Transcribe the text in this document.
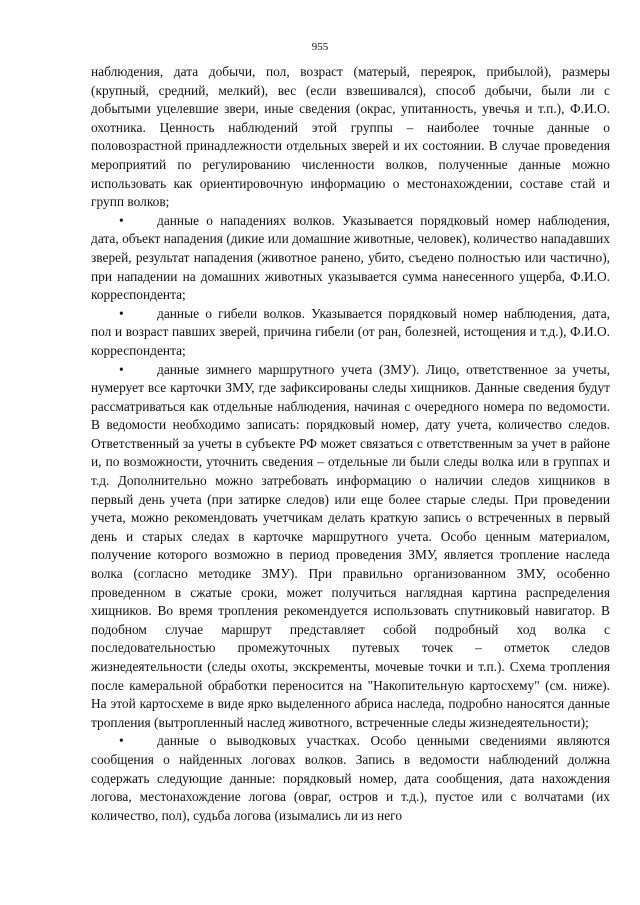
955

наблюдения, дата добычи, пол, возраст (матерый, переярок, прибылой), размеры (крупный, средний, мелкий), вес (если взвешивался), способ добычи, были ли с добытыми уцелевшие звери, иные сведения (окрас, упитанность, увечья и т.п.), Ф.И.О. охотника. Ценность наблюдений этой группы – наиболее точные данные о половозрастной принадлежности отдельных зверей и их состоянии. В случае проведения мероприятий по регулированию численности волков, полученные данные можно использовать как ориентировочную информацию о местонахождении, составе стай и групп волков;

• данные о нападениях волков. Указывается порядковый номер наблюдения, дата, объект нападения (дикие или домашние животные, человек), количество нападавших зверей, результат нападения (животное ранено, убито, съедено полностью или частично), при нападении на домашних животных указывается сумма нанесенного ущерба, Ф.И.О. корреспондента;

• данные о гибели волков. Указывается порядковый номер наблюдения, дата, пол и возраст павших зверей, причина гибели (от ран, болезней, истощения и т.д.), Ф.И.О. корреспондента;

• данные зимнего маршрутного учета (ЗМУ). Лицо, ответственное за учеты, нумерует все карточки ЗМУ, где зафиксированы следы хищников. Данные сведения будут рассматриваться как отдельные наблюдения, начиная с очередного номера по ведомости. В ведомости необходимо записать: порядковый номер, дату учета, количество следов. Ответственный за учеты в субъекте РФ может связаться с ответственным за учет в районе и, по возможности, уточнить сведения – отдельные ли были следы волка или в группах и т.д. Дополнительно можно затребовать информацию о наличии следов хищников в первый день учета (при затирке следов) или еще более старые следы. При проведении учета, можно рекомендовать учетчикам делать краткую запись о встреченных в первый день и старых следах в карточке маршрутного учета. Особо ценным материалом, получение которого возможно в период проведения ЗМУ, является тропление наследа волка (согласно методике ЗМУ). При правильно организованном ЗМУ, особенно проведенном в сжатые сроки, может получиться наглядная картина распределения хищников. Во время тропления рекомендуется использовать спутниковый навигатор. В подобном случае маршрут представляет собой подробный ход волка с последовательностью промежуточных путевых точек – отметок следов жизнедеятельности (следы охоты, экскременты, мочевые точки и т.п.). Схема тропления после камеральной обработки переносится на "Накопительную картосхему" (см. ниже). На этой картосхеме в виде ярко выделенного абриса наследа, подробно наносятся данные тропления (вытропленный наслед животного, встреченные следы жизнедеятельности);

• данные о выводковых участках. Особо ценными сведениями являются сообщения о найденных логовах волков. Запись в ведомости наблюдений должна содержать следующие данные: порядковый номер, дата сообщения, дата нахождения логова, местонахождение логова (овраг, остров и т.д.), пустое или с волчатами (их количество, пол), судьба логова (изымались ли из него
